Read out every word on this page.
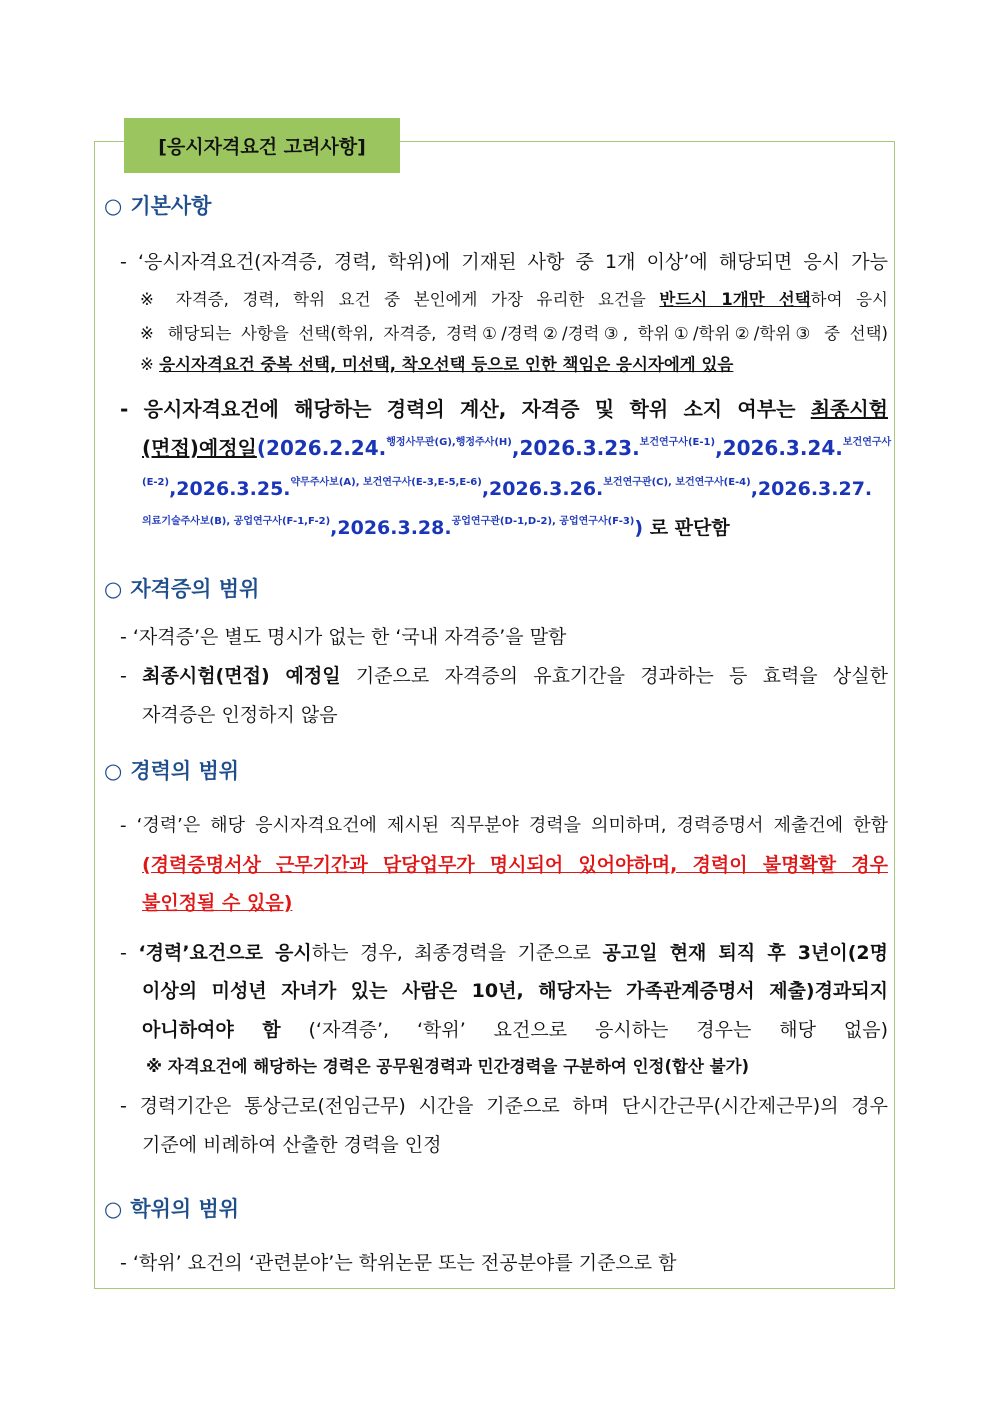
[응시자격요건 고려사항]
○ 기본사항
- ‘응시자격요건(자격증, 경력, 학위)에 기재된 사항 중 1개 이상’에 해당되면 응시 가능
※ 자격증, 경력, 학위 요건 중 본인에게 가장 유리한 요건을 반드시 1개만 선택하여 응시
※ 해당되는 사항을 선택(학위, 자격증, 경력①/경력②/경력③, 학위①/학위②/학위③ 중 선택)
※ 응시자격요건 중복 선택, 미선택, 착오선택 등으로 인한 책임은 응시자에게 있음
- 응시자격요건에 해당하는 경력의 계산, 자격증 및 학위 소지 여부는 최종시험
(면접)예정일(2026.2.24.$^{행정사무관(G),행정주사(H)}$,2026.3.23.$^{보건연구사(E-1)}$,2026.3.24.$^{보건연구사}$
$^{(E-2)}$,2026.3.25.$^{약무주사보(A), 보건연구사(E-3,E-5,E-6)}$,2026.3.26.$^{보건연구관(C), 보건연구사(E-4)}$,2026.3.27.
$^{의료기술주사보(B), 공업연구사(F-1,F-2)}$,2026.3.28.$^{공업연구관(D-1,D-2), 공업연구사(F-3)}$) 로 판단함
○ 자격증의 범위
- ‘자격증’은 별도 명시가 없는 한 ‘국내 자격증’을 말함
- 최종시험(면접) 예정일 기준으로 자격증의 유효기간을 경과하는 등 효력을 상실한
자격증은 인정하지 않음
○ 경력의 범위
- ‘경력’은 해당 응시자격요건에 제시된 직무분야 경력을 의미하며, 경력증명서 제출건에 한함
(경력증명서상 근무기간과 담당업무가 명시되어 있어야하며, 경력이 불명확할 경우
불인정될 수 있음)
- ‘경력’요건으로 응시하는 경우, 최종경력을 기준으로 공고일 현재 퇴직 후 3년이(2명
이상의 미성년 자녀가 있는 사람은 10년, 해당자는 가족관계증명서 제출)경과되지
아니하여야 함 (‘자격증’, ‘학위’ 요건으로 응시하는 경우는 해당 없음)
※ 자격요건에 해당하는 경력은 공무원경력과 민간경력을 구분하여 인정(합산 불가)
- 경력기간은 통상근로(전임근무) 시간을 기준으로 하며 단시간근무(시간제근무)의 경우
기준에 비례하여 산출한 경력을 인정
○ 학위의 범위
- ‘학위’ 요건의 ‘관련분야’는 학위논문 또는 전공분야를 기준으로 함
